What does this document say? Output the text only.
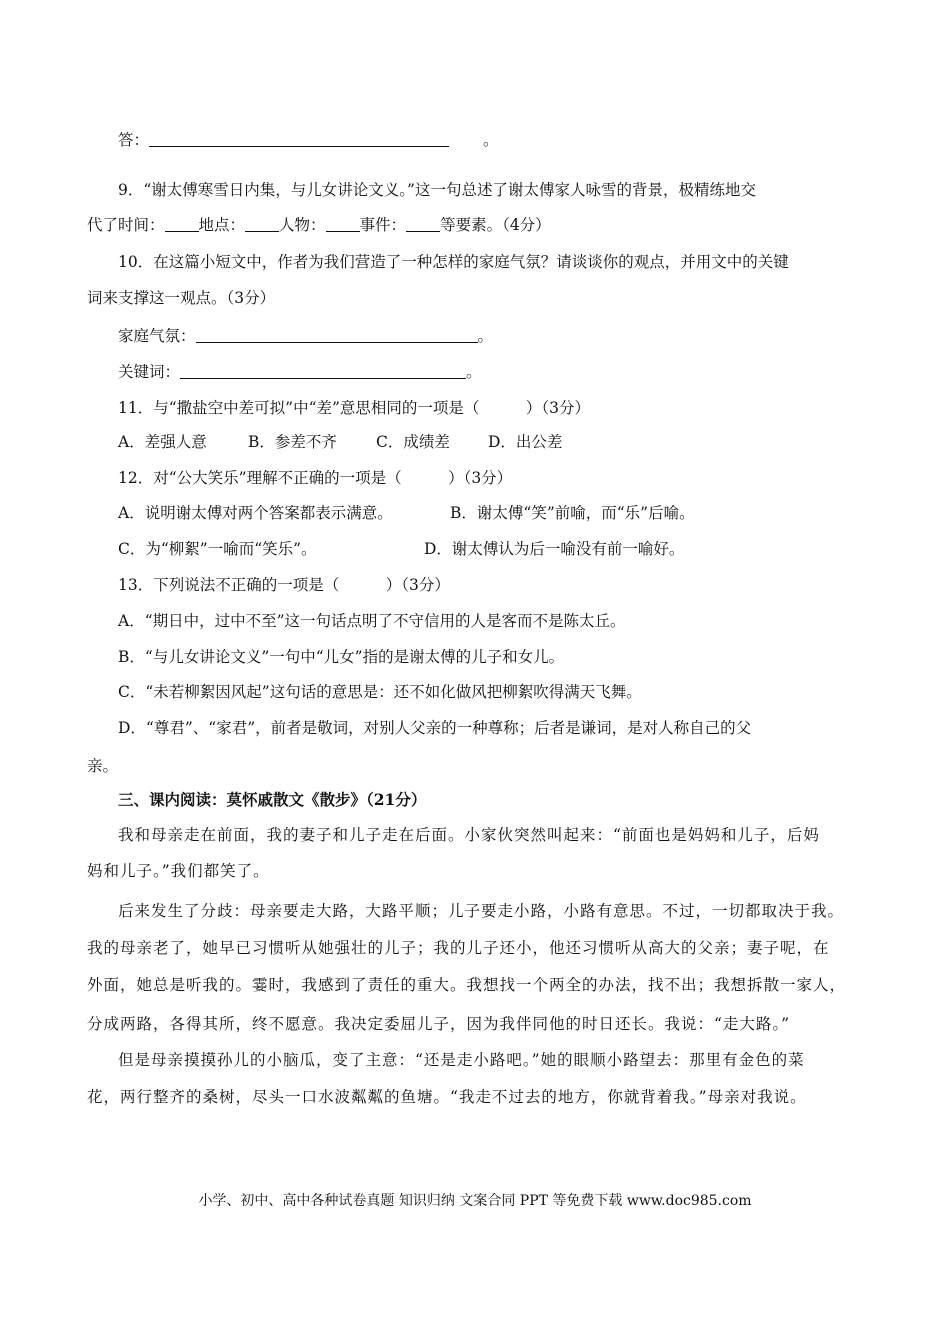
答：	。
9．“谢太傅寒雪日内集，与儿女讲论文义。”这一句总述了谢太傅家人咏雪的背景，极精练地交
代了时间： 地点： 人物： 事件： 等要素。（4分）
10．在这篇小短文中，作者为我们营造了一种怎样的家庭气氛？请谈谈你的观点，并用文中的关键
词来支撑这一观点。（3分）
家庭气氛：	。
关键词：	。
11．与“撒盐空中差可拟”中“差”意思相同的一项是（　　　）（3分）
A．差强人意	B．参差不齐	C．成绩差 D．出公差
12．对“公大笑乐”理解不正确的一项是（　　　）（3分）
A．说明谢太傅对两个答案都表示满意。	B．谢太傅“笑”前喻，而“乐”后喻。
C．为“柳絮”一喻而“笑乐”。	D．谢太傅认为后一喻没有前一喻好。
13．下列说法不正确的一项是（　　　）（3分）
A．“期日中，过中不至”这一句话点明了不守信用的人是客而不是陈太丘。
B．“与儿女讲论文义”一句中“儿女”指的是谢太傅的儿子和女儿。
C．“未若柳絮因风起”这句话的意思是：还不如化做风把柳絮吹得满天飞舞。
D．“尊君”、“家君”，前者是敬词，对别人父亲的一种尊称；后者是谦词，是对人称自己的父
亲。
三、课内阅读：莫怀戚散文《散步》（21分）
我和母亲走在前面，我的妻子和儿子走在后面。小家伙突然叫起来：“前面也是妈妈和儿子，后妈
妈和儿子。”我们都笑了。
后来发生了分歧：母亲要走大路，大路平顺；儿子要走小路，小路有意思。不过，一切都取决于我。
我的母亲老了，她早已习惯听从她强壮的儿子；我的儿子还小，他还习惯听从高大的父亲；妻子呢，在
外面，她总是听我的。霎时，我感到了责任的重大。我想找一个两全的办法，找不出；我想拆散一家人，
分成两路，各得其所，终不愿意。我决定委屈儿子，因为我伴同他的时日还长。我说：“走大路。”
但是母亲摸摸孙儿的小脑瓜，变了主意：“还是走小路吧。”她的眼顺小路望去：那里有金色的菜
花，两行整齐的桑树，尽头一口水波粼粼的鱼塘。“我走不过去的地方，你就背着我。”母亲对我说。
小学、初中、高中各种试卷真题 知识归纳 文案合同 PPT 等免费下载 www.doc985.com
